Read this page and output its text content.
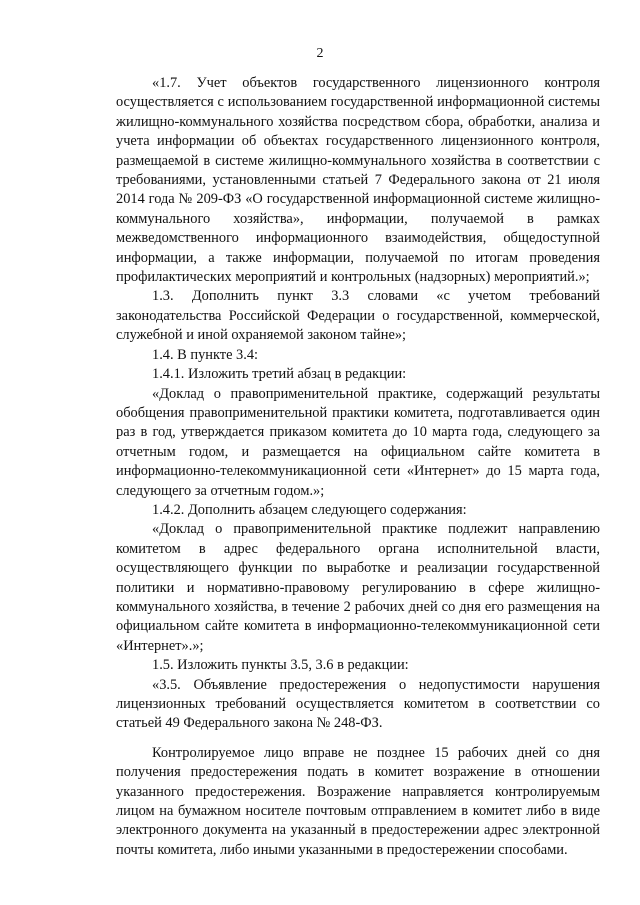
2

«1.7. Учет объектов государственного лицензионного контроля осуществляется с использованием государственной информационной системы жилищно-коммунального хозяйства посредством сбора, обработки, анализа и учета информации об объектах государственного лицензионного контроля, размещаемой в системе жилищно-коммунального хозяйства в соответствии с требованиями, установленными статьей 7 Федерального закона от 21 июля 2014 года № 209-ФЗ «О государственной информационной системе жилищно-коммунального хозяйства», информации, получаемой в рамках межведомственного информационного взаимодействия, общедоступной информации, а также информации, получаемой по итогам проведения профилактических мероприятий и контрольных (надзорных) мероприятий.»;

1.3. Дополнить пункт 3.3 словами «с учетом требований законодательства Российской Федерации о государственной, коммерческой, служебной и иной охраняемой законом тайне»;

1.4. В пункте 3.4:

1.4.1. Изложить третий абзац в редакции:

«Доклад о правоприменительной практике, содержащий результаты обобщения правоприменительной практики комитета, подготавливается один раз в год, утверждается приказом комитета до 10 марта года, следующего за отчетным годом, и размещается на официальном сайте комитета в информационно-телекоммуникационной сети «Интернет» до 15 марта года, следующего за отчетным годом.»;

1.4.2. Дополнить абзацем следующего содержания:

«Доклад о правоприменительной практике подлежит направлению комитетом в адрес федерального органа исполнительной власти, осуществляющего функции по выработке и реализации государственной политики и нормативно-правовому регулированию в сфере жилищно-коммунального хозяйства, в течение 2 рабочих дней со дня его размещения на официальном сайте комитета в информационно-телекоммуникационной сети «Интернет».»;

1.5. Изложить пункты 3.5, 3.6 в редакции:

«3.5. Объявление предостережения о недопустимости нарушения лицензионных требований осуществляется комитетом в соответствии со статьей 49 Федерального закона № 248-ФЗ.

Контролируемое лицо вправе не позднее 15 рабочих дней со дня получения предостережения подать в комитет возражение в отношении указанного предостережения. Возражение направляется контролируемым лицом на бумажном носителе почтовым отправлением в комитет либо в виде электронного документа на указанный в предостережении адрес электронной почты комитета, либо иными указанными в предостережении способами.
